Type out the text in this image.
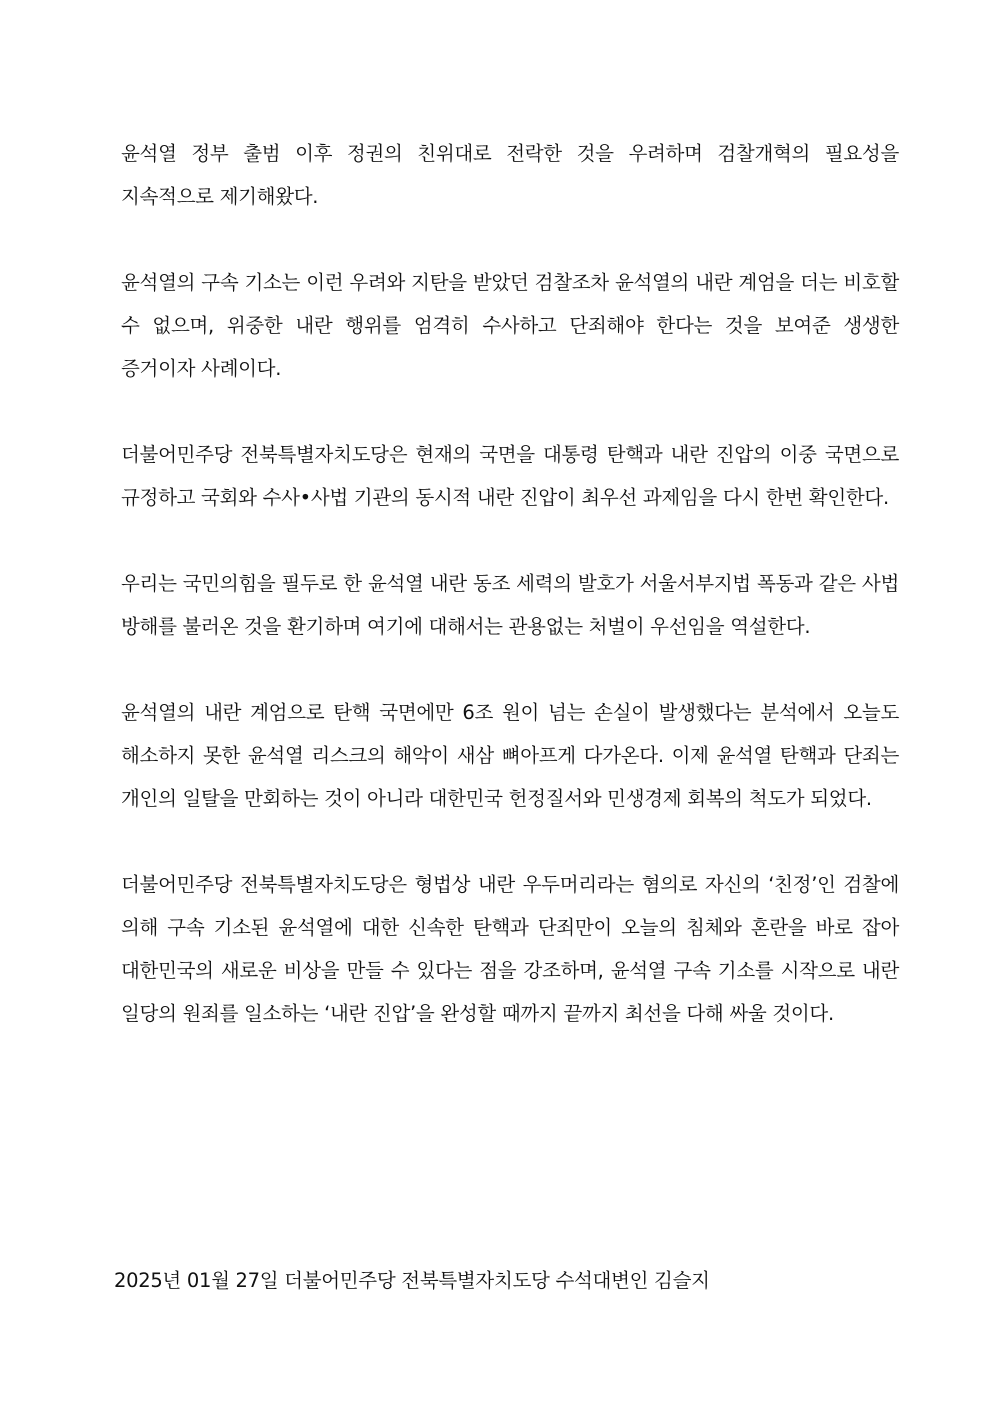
윤석열 정부 출범 이후 정권의 친위대로 전락한 것을 우려하며 검찰개혁의 필요성을 지속적으로 제기해왔다.

윤석열의 구속 기소는 이런 우려와 지탄을 받았던 검찰조차 윤석열의 내란 계엄을 더는 비호할 수 없으며, 위중한 내란 행위를 엄격히 수사하고 단죄해야 한다는 것을 보여준 생생한 증거이자 사례이다.

더불어민주당 전북특별자치도당은 현재의 국면을 대통령 탄핵과 내란 진압의 이중 국면으로 규정하고 국회와 수사•사법 기관의 동시적 내란 진압이 최우선 과제임을 다시 한번 확인한다.

우리는 국민의힘을 필두로 한 윤석열 내란 동조 세력의 발호가 서울서부지법 폭동과 같은 사법 방해를 불러온 것을 환기하며 여기에 대해서는 관용없는 처벌이 우선임을 역설한다.

윤석열의 내란 계엄으로 탄핵 국면에만 6조 원이 넘는 손실이 발생했다는 분석에서 오늘도 해소하지 못한 윤석열 리스크의 해악이 새삼 뼈아프게 다가온다. 이제 윤석열 탄핵과 단죄는 개인의 일탈을 만회하는 것이 아니라 대한민국 헌정질서와 민생경제 회복의 척도가 되었다.

더불어민주당 전북특별자치도당은 형법상 내란 우두머리라는 혐의로 자신의 ‘친정’인 검찰에 의해 구속 기소된 윤석열에 대한 신속한 탄핵과 단죄만이 오늘의 침체와 혼란을 바로 잡아 대한민국의 새로운 비상을 만들 수 있다는 점을 강조하며, 윤석열 구속 기소를 시작으로 내란 일당의 원죄를 일소하는 ‘내란 진압’을 완성할 때까지 끝까지 최선을 다해 싸울 것이다.

2025년 01월 27일 더불어민주당 전북특별자치도당 수석대변인 김슬지
